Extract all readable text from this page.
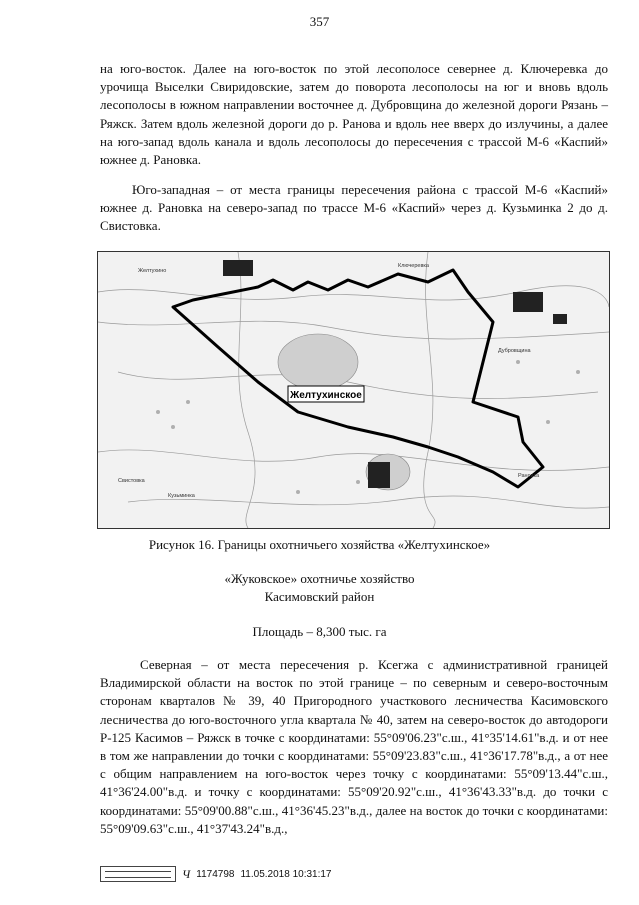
357

на юго-восток. Далее на юго-восток по этой лесополосе севернее д. Ключеревка до урочища Выселки Свиридовские, затем до поворота лесополосы на юг и вновь вдоль лесополосы в южном направлении восточнее д. Дубровщина до железной дороги Рязань – Ряжск. Затем вдоль железной дороги до р. Ранова и вдоль нее вверх до излучины, а далее на юго-запад вдоль канала и вдоль лесополосы до пересечения с трассой М-6 «Каспий» южнее д. Рановка.

Юго-западная – от места границы пересечения района с трассой М-6 «Каспий» южнее д. Рановка на северо-запад по трассе М-6 «Каспий» через д. Кузьминка 2 до д. Свистовка.

Желтухинское
Желтухино
Кузьминка
Свистовка
Рановка
Ключеревка
Дубровщина
Рисунок 16. Границы охотничьего хозяйства «Желтухинское»
«Жуковское» охотничье хозяйство
Касимовский район
Площадь – 8,300 тыс. га

Северная – от места пересечения р. Ксегжа с административной границей Владимирской области на восток по этой границе – по северным и северо-восточным сторонам кварталов № 39, 40 Пригородного участкового лесничества Касимовского лесничества до юго-восточного угла квартала № 40, затем на северо-восток до автодороги Р-125 Касимов – Ряжск в точке с координатами: 55°09'06.23"с.ш., 41°35'14.61"в.д. и от нее в том же направлении до точки с координатами: 55°09'23.83"с.ш., 41°36'17.78"в.д., а от нее с общим направлением на юго-восток через точку с координатами: 55°09'13.44"с.ш., 41°36'24.00"в.д. и точку с координатами: 55°09'20.92"с.ш., 41°36'43.33"в.д. до точки с координатами: 55°09'00.88"с.ш., 41°36'45.23"в.д., далее на восток до точки с координатами: 55°09'09.63"с.ш., 41°37'43.24"в.д.,

Ч 1174798 11.05.2018 10:31:17
